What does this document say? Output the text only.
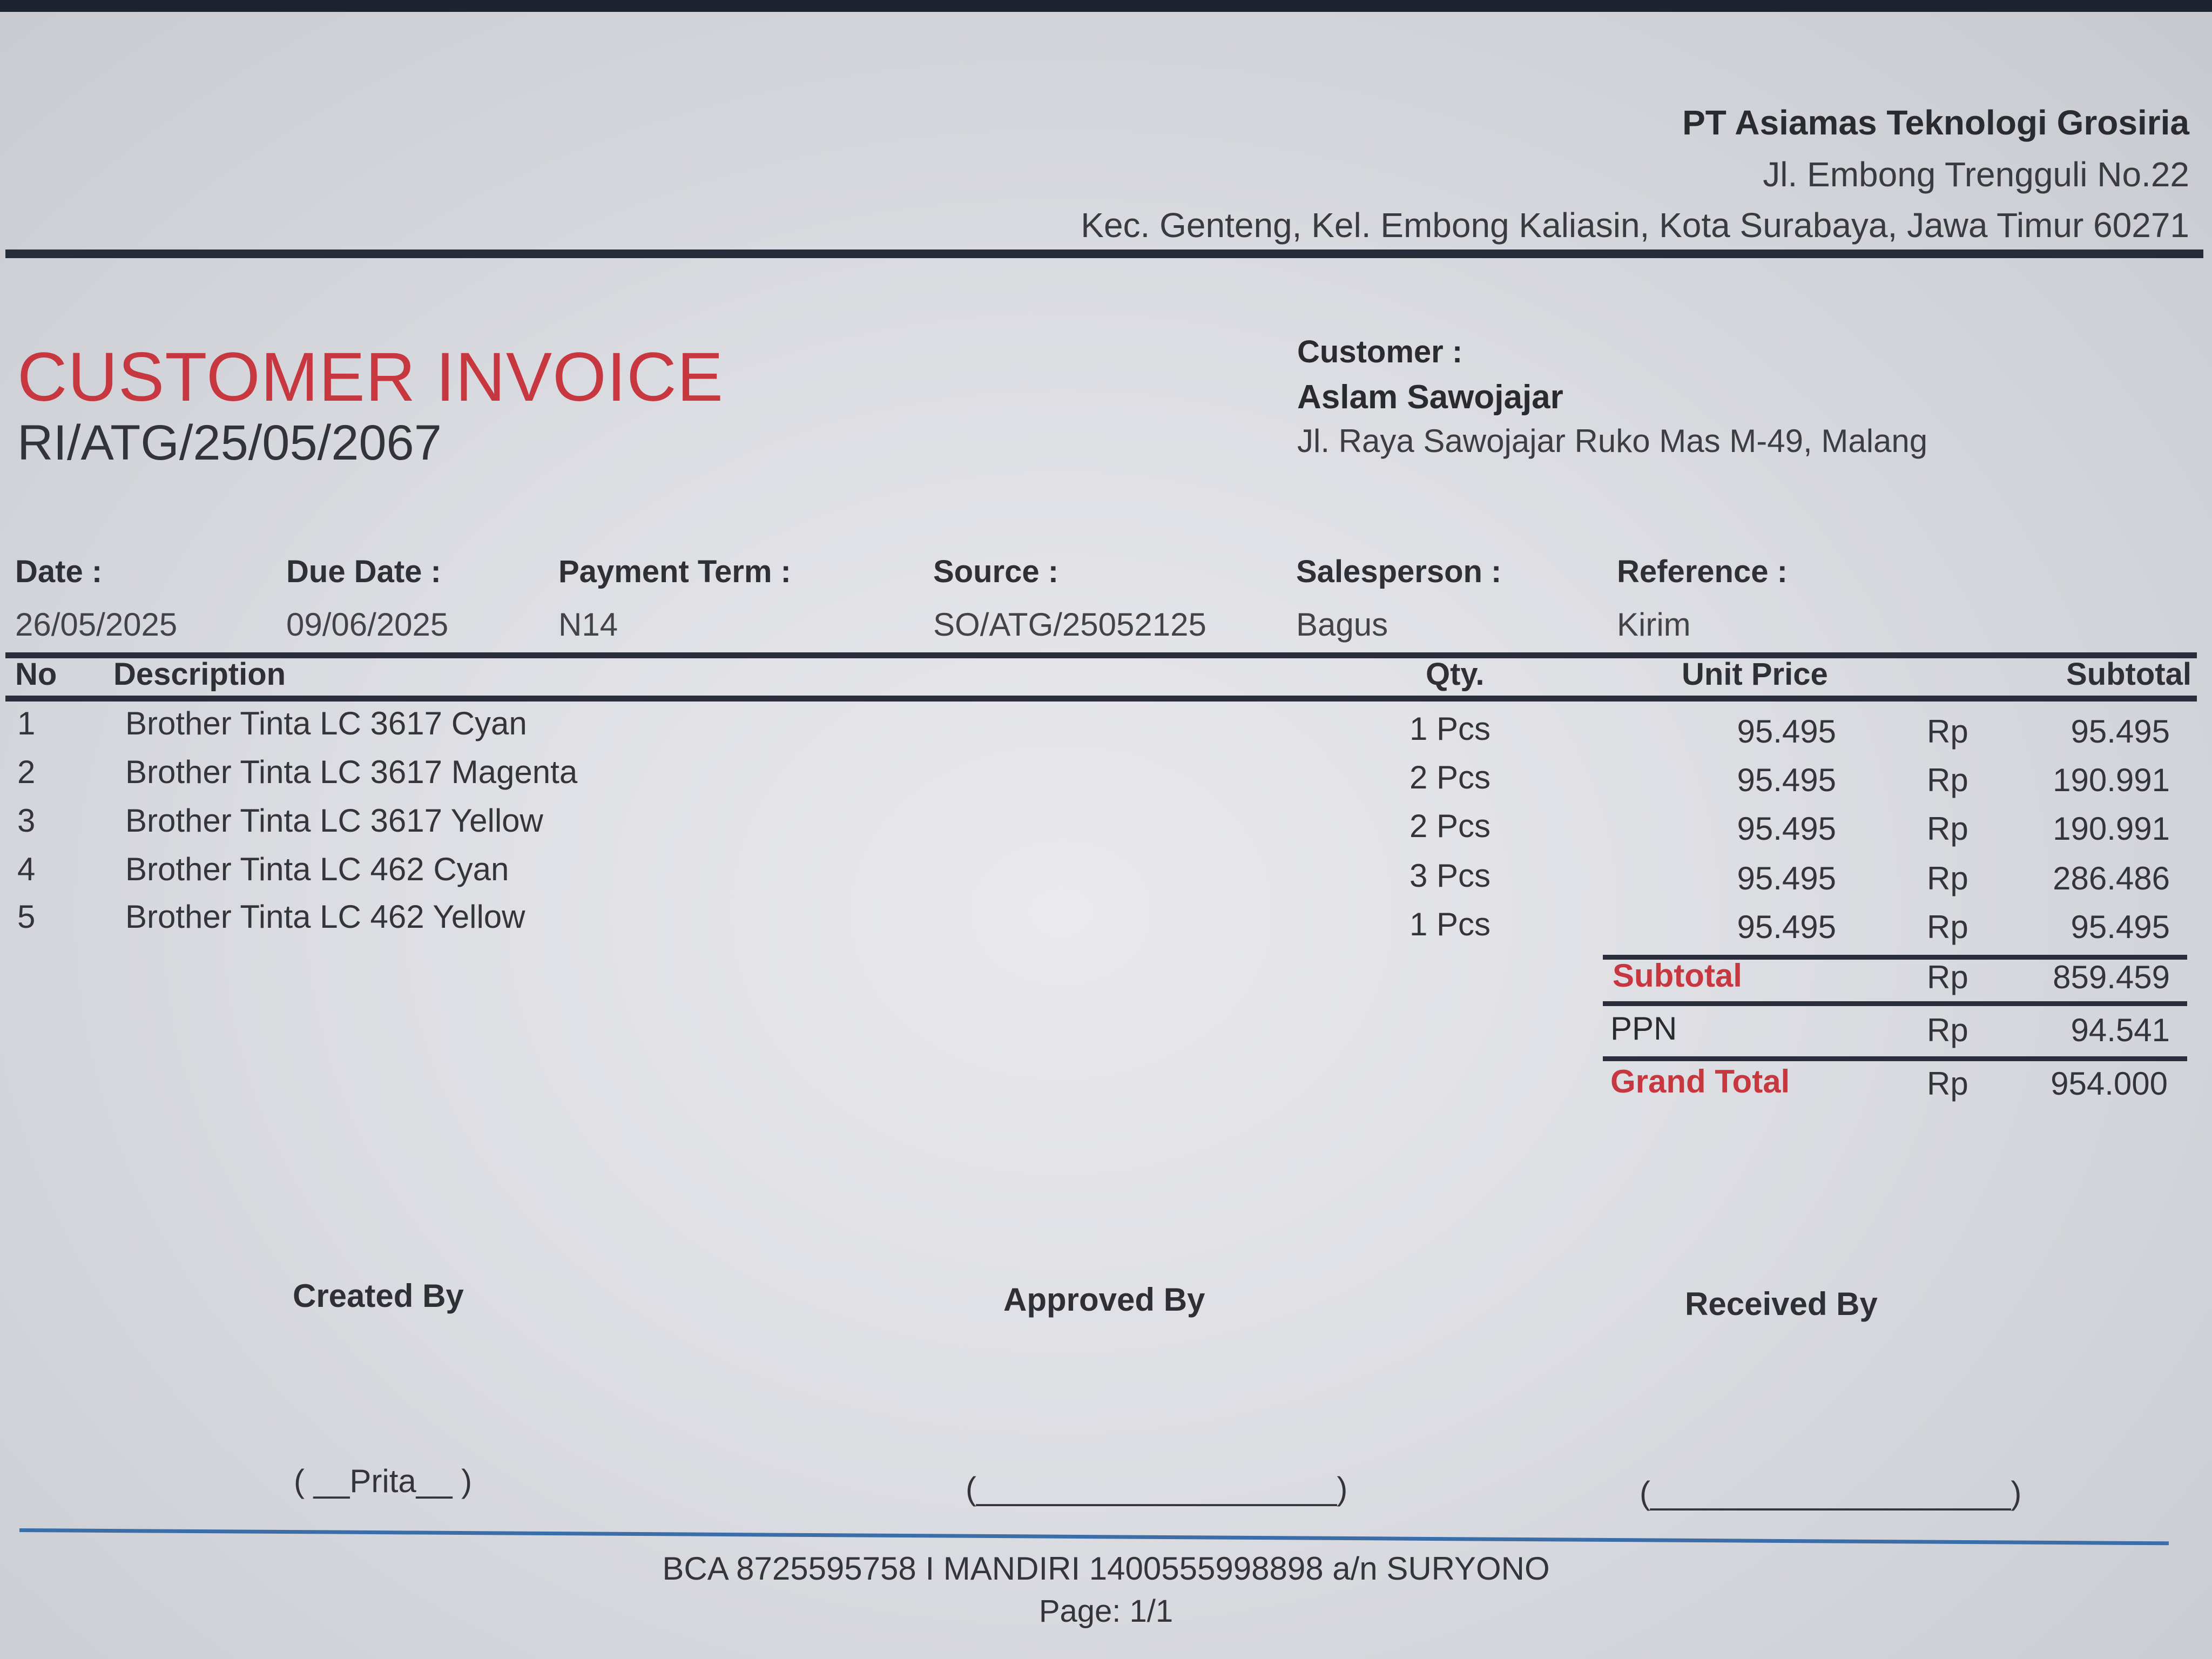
PT Asiamas Teknologi Grosiria
Jl. Embong Trengguli No.22
Kec. Genteng, Kel. Embong Kaliasin, Kota Surabaya, Jawa Timur 60271
CUSTOMER INVOICE
RI/ATG/25/05/2067
Customer :
Aslam Sawojajar
Jl. Raya Sawojajar Ruko Mas M-49, Malang
Date :
26/05/2025
Due Date :
09/06/2025
Payment Term :
N14
Source :
SO/ATG/25052125
Salesperson :
Bagus
Reference :
Kirim
No Description	Qty.	Unit Price	Subtotal
1	Brother Tinta LC 3617 Cyan	1 Pcs	95.495	Rp	95.495
2	Brother Tinta LC 3617 Magenta	2 Pcs	95.495	Rp	190.991
3	Brother Tinta LC 3617 Yellow	2 Pcs	95.495	Rp	190.991
4	Brother Tinta LC 462 Cyan	3 Pcs	95.495	Rp	286.486
5	Brother Tinta LC 462 Yellow	1 Pcs	95.495	Rp	95.495
Subtotal	Rp	859.459
PPN	Rp	94.541
Grand Total	Rp	954.000
Created By
( __Prita__ )
Approved By
(____________________)
Received By
(____________________)
BCA 8725595758 I MANDIRI 1400555998898 a/n SURYONO
Page: 1/1
